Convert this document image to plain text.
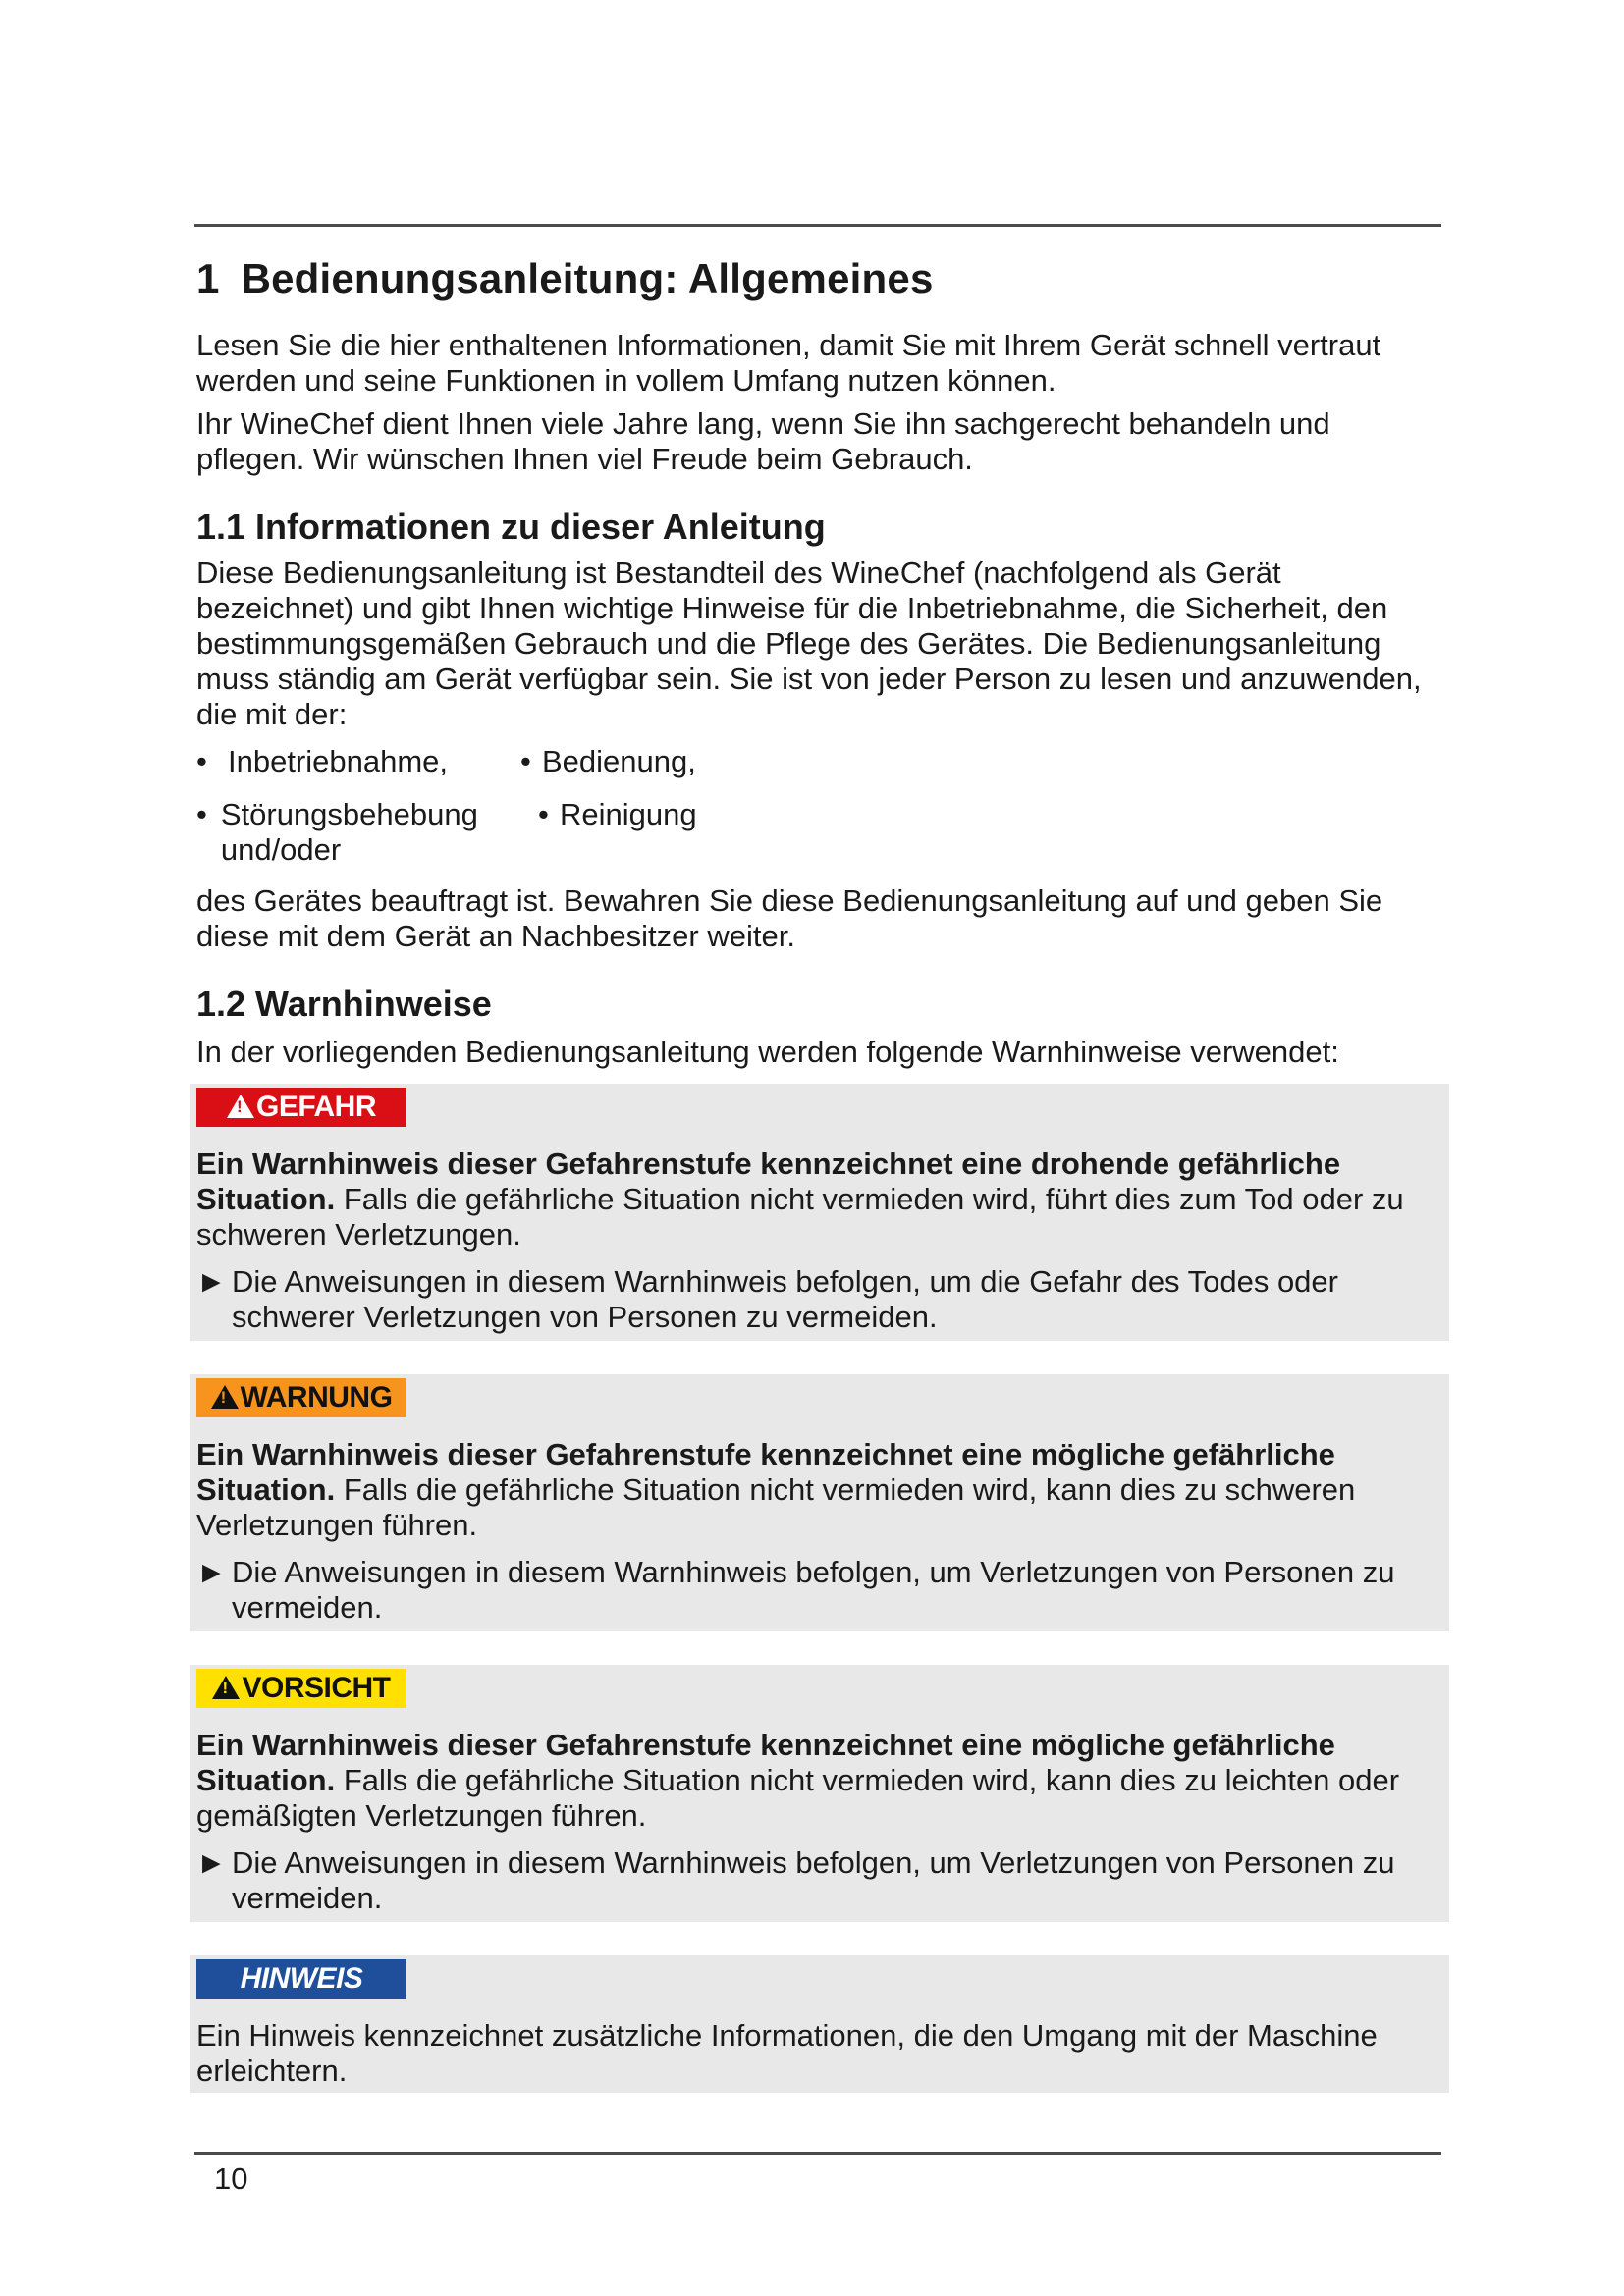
1 Bedienungsanleitung: Allgemeines

Lesen Sie die hier enthaltenen Informationen, damit Sie mit Ihrem Gerät schnell vertraut werden und seine Funktionen in vollem Umfang nutzen können.

Ihr WineChef dient Ihnen viele Jahre lang, wenn Sie ihn sachgerecht behandeln und pflegen. Wir wünschen Ihnen viel Freude beim Gebrauch.

1.1 Informationen zu dieser Anleitung

Diese Bedienungsanleitung ist Bestandteil des WineChef (nachfolgend als Gerät bezeichnet) und gibt Ihnen wichtige Hinweise für die Inbetriebnahme, die Sicherheit, den bestimmungsgemäßen Gebrauch und die Pflege des Gerätes. Die Bedienungsanleitung muss ständig am Gerät verfügbar sein. Sie ist von jeder Person zu lesen und anzuwenden, die mit der:

• Inbetriebnahme, • Bedienung,
• Störungsbehebung und/oder
• Reinigung

des Gerätes beauftragt ist. Bewahren Sie diese Bedienungsanleitung auf und geben Sie diese mit dem Gerät an Nachbesitzer weiter.

1.2 Warnhinweise

In der vorliegenden Bedienungsanleitung werden folgende Warnhinweise verwendet:

!GEFAHR
Ein Warnhinweis dieser Gefahrenstufe kennzeichnet eine drohende gefährliche Situation. Falls die gefährliche Situation nicht vermieden wird, führt dies zum Tod oder zu schweren Verletzungen.
► Die Anweisungen in diesem Warnhinweis befolgen, um die Gefahr des Todes oder schwerer Verletzungen von Personen zu vermeiden.
!WARNUNG
Ein Warnhinweis dieser Gefahrenstufe kennzeichnet eine mögliche gefährliche Situation. Falls die gefährliche Situation nicht vermieden wird, kann dies zu schweren Verletzungen führen.
► Die Anweisungen in diesem Warnhinweis befolgen, um Verletzungen von Personen zu vermeiden.
!VORSICHT
Ein Warnhinweis dieser Gefahrenstufe kennzeichnet eine mögliche gefährliche Situation. Falls die gefährliche Situation nicht vermieden wird, kann dies zu leichten oder gemäßigten Verletzungen führen.
► Die Anweisungen in diesem Warnhinweis befolgen, um Verletzungen von Personen zu vermeiden.
HINWEIS
Ein Hinweis kennzeichnet zusätzliche Informationen, die den Umgang mit der Maschine erleichtern.
10
